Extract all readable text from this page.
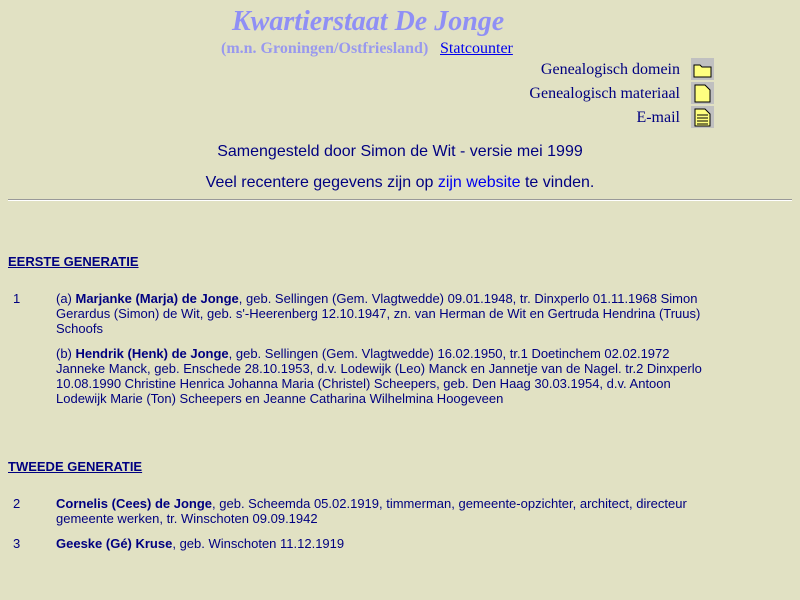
Kwartierstaat De Jonge
(m.n. Groningen/Ostfriesland) Statcounter
Genealogisch domein
Genealogisch materiaal
E-mail
Samengesteld door Simon de Wit - versie mei 1999
Veel recentere gegevens zijn op zijn website te vinden.
EERSTE GENERATIE
1	(a) Marjanke (Marja) de Jonge, geb. Sellingen (Gem. Vlagtwedde) 09.01.1948, tr. Dinxperlo 01.11.1968 Simon Gerardus (Simon) de Wit, geb. s'-Heerenberg 12.10.1947, zn. van Herman de Wit en Gertruda Hendrina (Truus) Schoofs
(b) Hendrik (Henk) de Jonge, geb. Sellingen (Gem. Vlagtwedde) 16.02.1950, tr.1 Doetinchem 02.02.1972 Janneke Manck, geb. Enschede 28.10.1953, d.v. Lodewijk (Leo) Manck en Jannetje van de Nagel. tr.2 Dinxperlo 10.08.1990 Christine Henrica Johanna Maria (Christel) Scheepers, geb. Den Haag 30.03.1954, d.v. Antoon Lodewijk Marie (Ton) Scheepers en Jeanne Catharina Wilhelmina Hoogeveen
TWEEDE GENERATIE
2	Cornelis (Cees) de Jonge, geb. Scheemda 05.02.1919, timmerman, gemeente-opzichter, architect, directeur gemeente werken, tr. Winschoten 09.09.1942
3	Geeske (Gé) Kruse, geb. Winschoten 11.12.1919
